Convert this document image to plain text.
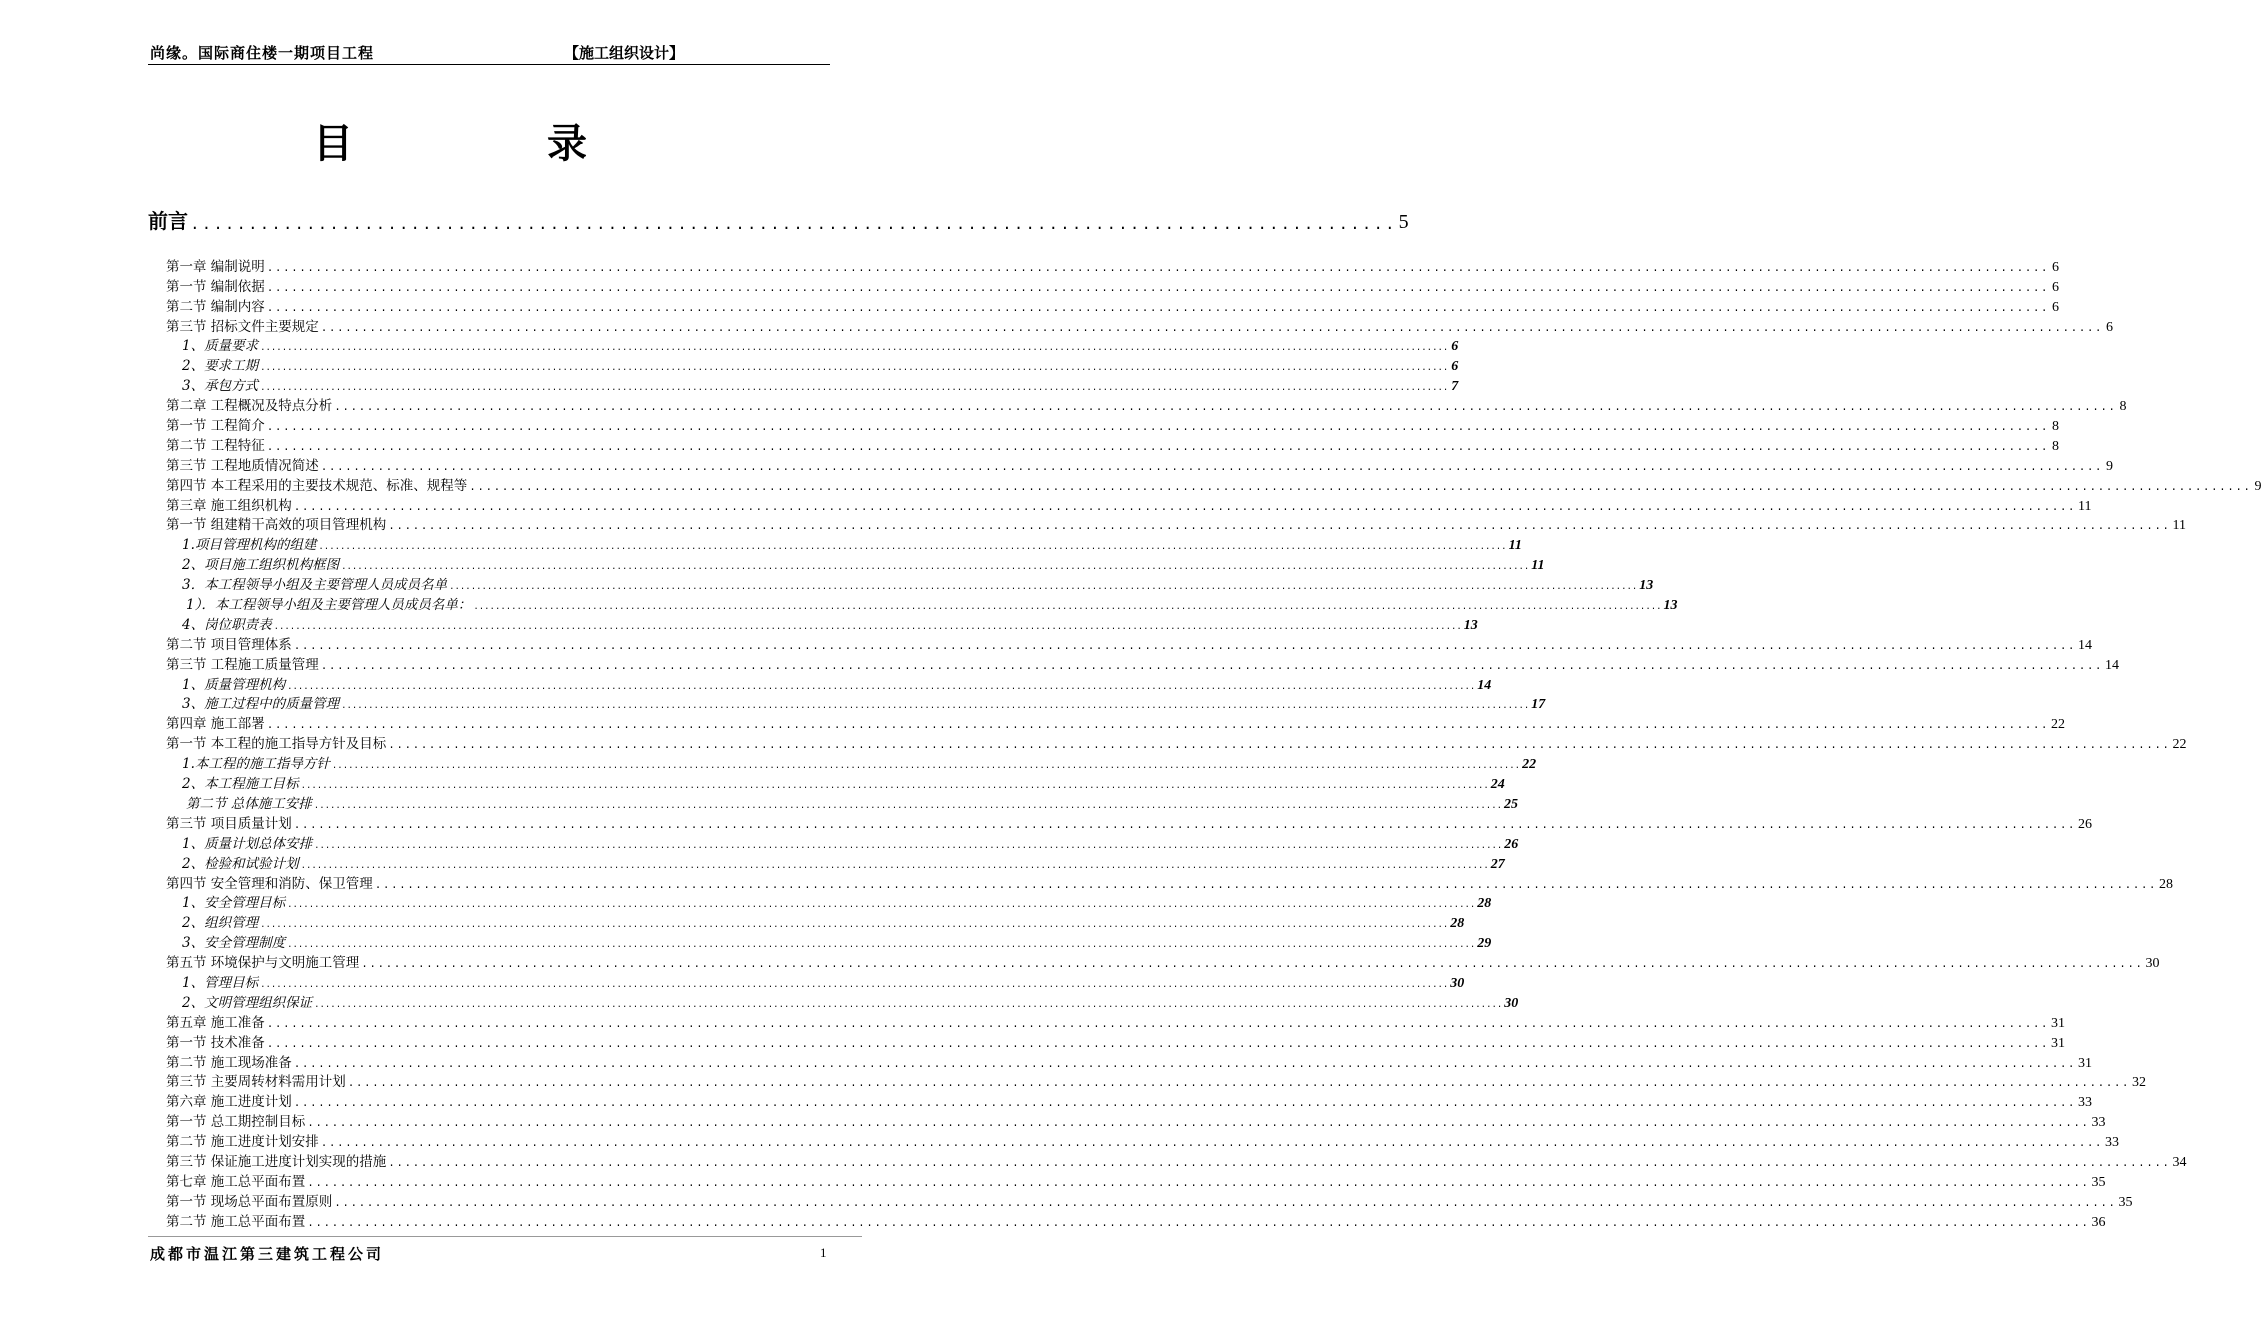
尚缘。国际商住楼一期项目工程	【施工组织设计】
目 录
前言 ........................................................................................................ 5
第一章 编制说明 ............................................................................................................................................................................................................................ 6
第一节 编制依据 ............................................................................................................................................................................................................................ 6
第二节 编制内容 ............................................................................................................................................................................................................................ 6
第三节 招标文件主要规定 ............................................................................................................................................................................................................................ 6
1、质量要求 ............................................................................................................................................................................................................................ 6
2、要求工期 ............................................................................................................................................................................................................................ 6
3、承包方式 ............................................................................................................................................................................................................................ 7
第二章 工程概况及特点分析 ............................................................................................................................................................................................................................ 8
第一节 工程简介 ............................................................................................................................................................................................................................ 8
第二节 工程特征 ............................................................................................................................................................................................................................ 8
第三节 工程地质情况简述 ............................................................................................................................................................................................................................ 9
第四节 本工程采用的主要技术规范、标准、规程等 ............................................................................................................................................................................................................................ 9
第三章 施工组织机构 ............................................................................................................................................................................................................................ 11
第一节 组建精干高效的项目管理机构 ............................................................................................................................................................................................................................ 11
1.项目管理机构的组建 ............................................................................................................................................................................................................................ 11
2、项目施工组织机构框图 ............................................................................................................................................................................................................................ 11
3．本工程领导小组及主要管理人员成员名单 ............................................................................................................................................................................................................................ 13
1）．本工程领导小组及主要管理人员成员名单： ............................................................................................................................................................................................................................ 13
4、岗位职责表 ............................................................................................................................................................................................................................ 13
第二节 项目管理体系 ............................................................................................................................................................................................................................ 14
第三节 工程施工质量管理 ............................................................................................................................................................................................................................ 14
1、质量管理机构 ............................................................................................................................................................................................................................ 14
3、施工过程中的质量管理 ............................................................................................................................................................................................................................ 17
第四章 施工部署 ............................................................................................................................................................................................................................ 22
第一节 本工程的施工指导方针及目标 ............................................................................................................................................................................................................................ 22
1.本工程的施工指导方针 ............................................................................................................................................................................................................................ 22
2、本工程施工目标 ............................................................................................................................................................................................................................ 24
第二节 总体施工安排 ............................................................................................................................................................................................................................ 25
第三节 项目质量计划 ............................................................................................................................................................................................................................ 26
1、质量计划总体安排 ............................................................................................................................................................................................................................ 26
2、检验和试验计划 ............................................................................................................................................................................................................................ 27
第四节 安全管理和消防、保卫管理 ............................................................................................................................................................................................................................ 28
1、安全管理目标 ............................................................................................................................................................................................................................ 28
2、组织管理 ............................................................................................................................................................................................................................ 28
3、安全管理制度 ............................................................................................................................................................................................................................ 29
第五节 环境保护与文明施工管理 ............................................................................................................................................................................................................................ 30
1、管理目标 ............................................................................................................................................................................................................................ 30
2、文明管理组织保证 ............................................................................................................................................................................................................................ 30
第五章 施工准备 ............................................................................................................................................................................................................................ 31
第一节 技术准备 ............................................................................................................................................................................................................................ 31
第二节 施工现场准备 ............................................................................................................................................................................................................................ 31
第三节 主要周转材料需用计划 ............................................................................................................................................................................................................................ 32
第六章 施工进度计划 ............................................................................................................................................................................................................................ 33
第一节 总工期控制目标 ............................................................................................................................................................................................................................ 33
第二节 施工进度计划安排 ............................................................................................................................................................................................................................ 33
第三节 保证施工进度计划实现的措施 ............................................................................................................................................................................................................................ 34
第七章 施工总平面布置 ............................................................................................................................................................................................................................ 35
第一节 现场总平面布置原则 ............................................................................................................................................................................................................................ 35
第二节 施工总平面布置 ............................................................................................................................................................................................................................ 36
成都市温江第三建筑工程公司	1
